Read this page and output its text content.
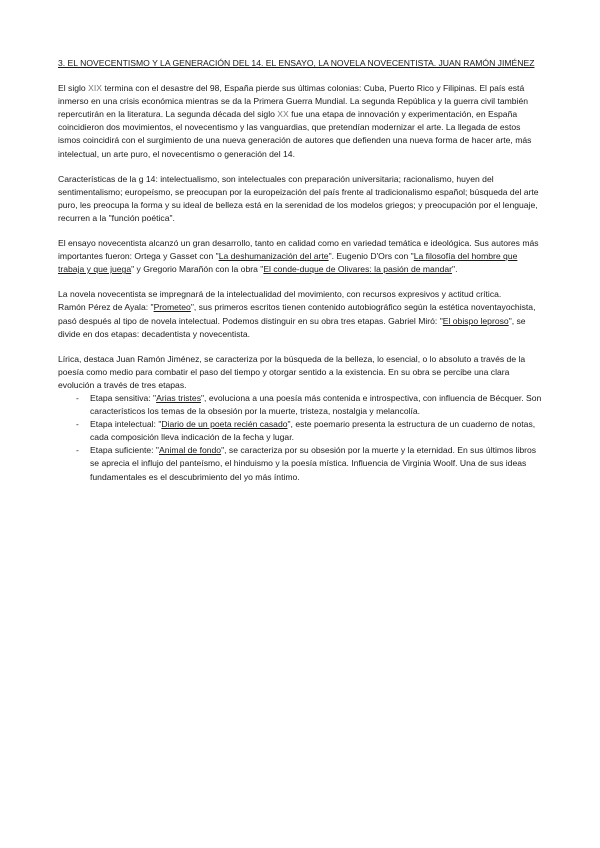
3. EL NOVECENTISMO Y LA GENERACIÓN DEL 14. EL ENSAYO, LA NOVELA NOVECENTISTA. JUAN RAMÓN JIMÉNEZ

El siglo XIX termina con el desastre del 98, España pierde sus últimas colonias: Cuba, Puerto Rico y Filipinas. El país está inmerso en una crisis económica mientras se da la Primera Guerra Mundial. La segunda República y la guerra civil también repercutirán en la literatura. La segunda década del siglo XX fue una etapa de innovación y experimentación, en España coincidieron dos movimientos, el novecentismo y las vanguardias, que pretendían modernizar el arte. La llegada de estos ismos coincidirá con el surgimiento de una nueva generación de autores que defienden una nueva forma de hacer arte, más intelectual, un arte puro, el novecentismo o generación del 14.

Características de la g 14: intelectualismo, son intelectuales con preparación universitaria; racionalismo, huyen del sentimentalismo; europeísmo, se preocupan por la europeización del país frente al tradicionalismo español; búsqueda del arte puro, les preocupa la forma y su ideal de belleza está en la serenidad de los modelos griegos; y preocupación por el lenguaje, recurren a la "función poética".

El ensayo novecentista alcanzó un gran desarrollo, tanto en calidad como en variedad temática e ideológica. Sus autores más importantes fueron: Ortega y Gasset con "La deshumanización del arte". Eugenio D'Ors con "La filosofía del hombre que trabaja y que juega" y Gregorio Marañón con la obra "El conde-duque de Olivares: la pasión de mandar".

La novela novecentista se impregnará de la intelectualidad del movimiento, con recursos expresivos y actitud crítica.
Ramón Pérez de Ayala: "Prometeo", sus primeros escritos tienen contenido autobiográfico según la estética noventayochista, pasó después al tipo de novela intelectual. Podemos distinguir en su obra tres etapas. Gabriel Miró: "El obispo leproso", se divide en dos etapas: decadentista y novecentista.

Lírica, destaca Juan Ramón Jiménez, se caracteriza por la búsqueda de la belleza, lo esencial, o lo absoluto a través de la poesía como medio para combatir el paso del tiempo y otorgar sentido a la existencia. En su obra se percibe una clara evolución a través de tres etapas.

- Etapa sensitiva: "Arias tristes", evoluciona a una poesía más contenida e introspectiva, con influencia de Bécquer. Son característicos los temas de la obsesión por la muerte, tristeza, nostalgia y melancolía.
- Etapa intelectual: "Diario de un poeta recién casado", este poemario presenta la estructura de un cuaderno de notas, cada composición lleva indicación de la fecha y lugar.
- Etapa suficiente: "Animal de fondo", se caracteriza por su obsesión por la muerte y la eternidad. En sus últimos libros se aprecia el influjo del panteísmo, el hinduismo y la poesía mística. Influencia de Virginia Woolf. Una de sus ideas fundamentales es el descubrimiento del yo más íntimo.
